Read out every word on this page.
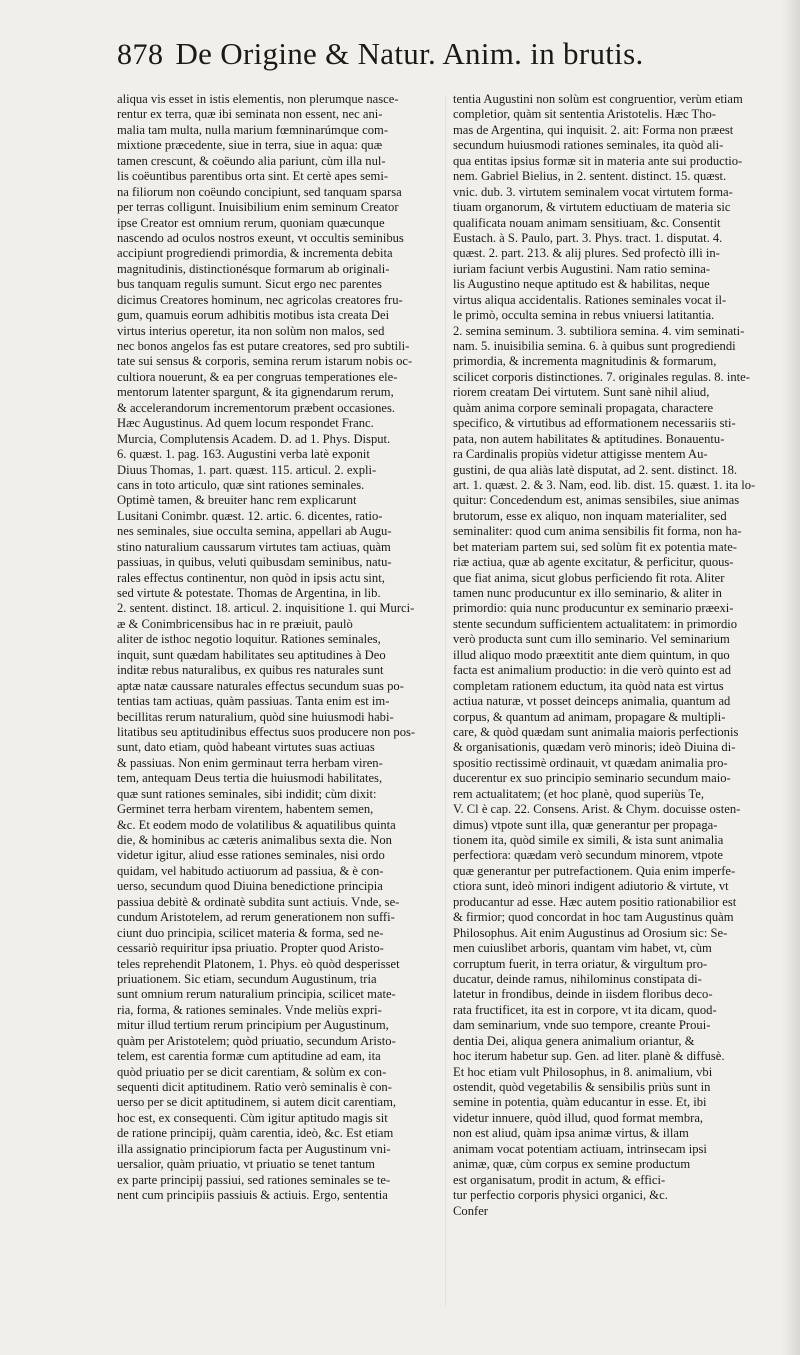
878 De Origine & Natur. Anim. in brutis.
aliqua vis esset in istis elementis, non plerumque nasce-
rentur ex terra, quæ ibi seminata non essent, nec ani-
malia tam multa, nulla marium fœmninarúmque com-
mixtione præcedente, siue in terra, siue in aqua: quæ
tamen crescunt, & coëundo alia pariunt, cùm illa nul-
lis coëuntibus parentibus orta sint. Et certè apes semi-
na filiorum non coëundo concipiunt, sed tanquam sparsa
per terras colligunt. Inuisibilium enim seminum Creator
ipse Creator est omnium rerum, quoniam quæcunque
nascendo ad oculos nostros exeunt, vt occultis seminibus
accipiunt progrediendi primordia, & incrementa debita
magnitudinis, distinctionésque formarum ab originali-
bus tanquam regulis sumunt. Sicut ergo nec parentes
dicimus Creatores hominum, nec agricolas creatores fru-
gum, quamuis eorum adhibitis motibus ista creata Dei
virtus interius operetur, ita non solùm non malos, sed
nec bonos angelos fas est putare creatores, sed pro subtili-
tate sui sensus & corporis, semina rerum istarum nobis oc-
cultiora nouerunt, & ea per congruas temperationes ele-
mentorum latenter spargunt, & ita gignendarum rerum,
& accelerandorum incrementorum præbent occasiones.
Hæc Augustinus. Ad quem locum respondet Franc.
Murcia, Complutensis Academ. D. ad 1. Phys. Disput.
6. quæst. 1. pag. 163. Augustini verba latè exponit
Diuus Thomas, 1. part. quæst. 115. articul. 2. expli-
cans in toto articulo, quæ sint rationes seminales.
Optimè tamen, & breuiter hanc rem explicarunt
Lusitani Conimbr. quæst. 12. artic. 6. dicentes, ratio-
nes seminales, siue occulta semina, appellari ab Augu-
stino naturalium caussarum virtutes tam actiuas, quàm
passiuas, in quibus, veluti quibusdam seminibus, natu-
rales effectus continentur, non quòd in ipsis actu sint,
sed virtute & potestate. Thomas de Argentina, in lib.
2. sentent. distinct. 18. articul. 2. inquisitione 1. qui Murci-
æ & Conimbricensibus hac in re præiuit, paulò
aliter de isthoc negotio loquitur. Rationes seminales,
inquit, sunt quædam habilitates seu aptitudines à Deo
inditæ rebus naturalibus, ex quibus res naturales sunt
aptæ natæ caussare naturales effectus secundum suas po-
tentias tam actiuas, quàm passiuas. Tanta enim est im-
becillitas rerum naturalium, quòd sine huiusmodi habi-
litatibus seu aptitudinibus effectus suos producere non pos-
sunt, dato etiam, quòd habeant virtutes suas actiuas
& passiuas. Non enim germinaut terra herbam viren-
tem, antequam Deus tertia die huiusmodi habilitates,
quæ sunt rationes seminales, sibi indidit; cùm dixit:
Germinet terra herbam virentem, habentem semen,
&c. Et eodem modo de volatilibus & aquatilibus quinta
die, & hominibus ac cæteris animalibus sexta die. Non
videtur igitur, aliud esse rationes seminales, nisi ordo
quidam, vel habitudo actiuorum ad passiua, & è con-
uerso, secundum quod Diuina benedictione principia
passiua debitè & ordinatè subdita sunt actiuis. Vnde, se-
cundum Aristotelem, ad rerum generationem non suffi-
ciunt duo principia, scilicet materia & forma, sed ne-
cessariò requiritur ipsa priuatio. Propter quod Aristo-
teles reprehendit Platonem, 1. Phys. eò quòd desperisset
priuationem. Sic etiam, secundum Augustinum, tria
sunt omnium rerum naturalium principia, scilicet mate-
ria, forma, & rationes seminales. Vnde meliùs expri-
mitur illud tertium rerum principium per Augustinum,
quàm per Aristotelem; quòd priuatio, secundum Aristo-
telem, est carentia formæ cum aptitudine ad eam, ita
quòd priuatio per se dicit carentiam, & solùm ex con-
sequenti dicit aptitudinem. Ratio verò seminalis è con-
uerso per se dicit aptitudinem, si autem dicit carentiam,
hoc est, ex consequenti. Cùm igitur aptitudo magis sit
de ratione principij, quàm carentia, ideò, &c. Est etiam
illa assignatio principiorum facta per Augustinum vni-
uersalior, quàm priuatio, vt priuatio se tenet tantum
ex parte principij passiui, sed rationes seminales se te-
nent cum principiis passiuis & actiuis. Ergo, sententia
tentia Augustini non solùm est congruentior, verùm etiam
completior, quàm sit sententia Aristotelis. Hæc Tho-
mas de Argentina, qui inquisit. 2. ait: Forma non præest
secundum huiusmodi rationes seminales, ita quòd ali-
qua entitas ipsius formæ sit in materia ante sui productio-
nem. Gabriel Bielius, in 2. sentent. distinct. 15. quæst.
vnic. dub. 3. virtutem seminalem vocat virtutem forma-
tiuam organorum, & virtutem eductiuam de materia sic
qualificata nouam animam sensitiuam, &c. Consentit
Eustach. à S. Paulo, part. 3. Phys. tract. 1. disputat. 4.
quæst. 2. part. 213. & alij plures. Sed profectò illi in-
iuriam faciunt verbis Augustini. Nam ratio semina-
lis Augustino neque aptitudo est & habilitas, neque
virtus aliqua accidentalis. Rationes seminales vocat il-
le primò, occulta semina in rebus vniuersi latitantia.
2. semina seminum. 3. subtiliora semina. 4. vim seminati-
nam. 5. inuisibilia semina. 6. à quibus sunt progrediendi
primordia, & incrementa magnitudinis & formarum,
scilicet corporis distinctiones. 7. originales regulas. 8. inte-
riorem creatam Dei virtutem. Sunt sanè nihil aliud,
quàm anima corpore seminali propagata, charactere
specifico, & virtutibus ad efformationem necessariis sti-
pata, non autem habilitates & aptitudines. Bonauentu-
ra Cardinalis propiùs videtur attigisse mentem Au-
gustini, de qua aliàs latè disputat, ad 2. sent. distinct. 18.
art. 1. quæst. 2. & 3. Nam, eod. lib. dist. 15. quæst. 1. ita lo-
quitur: Concedendum est, animas sensibiles, siue animas
brutorum, esse ex aliquo, non inquam materialiter, sed
seminaliter: quod cum anima sensibilis fit forma, non ha-
bet materiam partem sui, sed solùm fit ex potentia mate-
riæ actiua, quæ ab agente excitatur, & perficitur, quous-
que fiat anima, sicut globus perficiendo fit rota. Aliter
tamen nunc producuntur ex illo seminario, & aliter in
primordio: quia nunc producuntur ex seminario præexi-
stente secundum sufficientem actualitatem: in primordio
verò producta sunt cum illo seminario. Vel seminarium
illud aliquo modo præextitit ante diem quintum, in quo
facta est animalium productio: in die verò quinto est ad
completam rationem eductum, ita quòd nata est virtus
actiua naturæ, vt posset deinceps animalia, quantum ad
corpus, & quantum ad animam, propagare & multipli-
care, & quòd quædam sunt animalia maioris perfectionis
& organisationis, quædam verò minoris; ideò Diuina di-
spositio rectissimè ordinauit, vt quædam animalia pro-
ducerentur ex suo principio seminario secundum maio-
rem actualitatem; (et hoc planè, quod superiùs Te,
V. Cl è cap. 22. Consens. Arist. & Chym. docuisse osten-
dimus) vtpote sunt illa, quæ generantur per propaga-
tionem ita, quòd simile ex simili, & ista sunt animalia
perfectiora: quædam verò secundum minorem, vtpote
quæ generantur per putrefactionem. Quia enim imperfe-
ctiora sunt, ideò minori indigent adiutorio & virtute, vt
producantur ad esse. Hæc autem positio rationabilior est
& firmior; quod concordat in hoc tam Augustinus quàm
Philosophus. Ait enim Augustinus ad Orosium sic: Se-
men cuiuslibet arboris, quantam vim habet, vt, cùm
corruptum fuerit, in terra oriatur, & virgultum pro-
ducatur, deinde ramus, nihilominus constipata di-
latetur in frondibus, deinde in iisdem floribus deco-
rata fructificet, ita est in corpore, vt ita dicam, quod-
dam seminarium, vnde suo tempore, creante Proui-
dentia Dei, aliqua genera animalium oriantur, &
hoc iterum habetur sup. Gen. ad liter. planè & diffusè.
Et hoc etiam vult Philosophus, in 8. animalium, vbi
ostendit, quòd vegetabilis & sensibilis priùs sunt in
semine in potentia, quàm educantur in esse. Et, ibi
videtur innuere, quòd illud, quod format membra,
non est aliud, quàm ipsa animæ virtus, & illam
animam vocat potentiam actiuam, intrinsecam ipsi
animæ, quæ, cùm corpus ex semine productum
est organisatum, prodit in actum, & effici-
tur perfectio corporis physici organici, &c.
Confer
